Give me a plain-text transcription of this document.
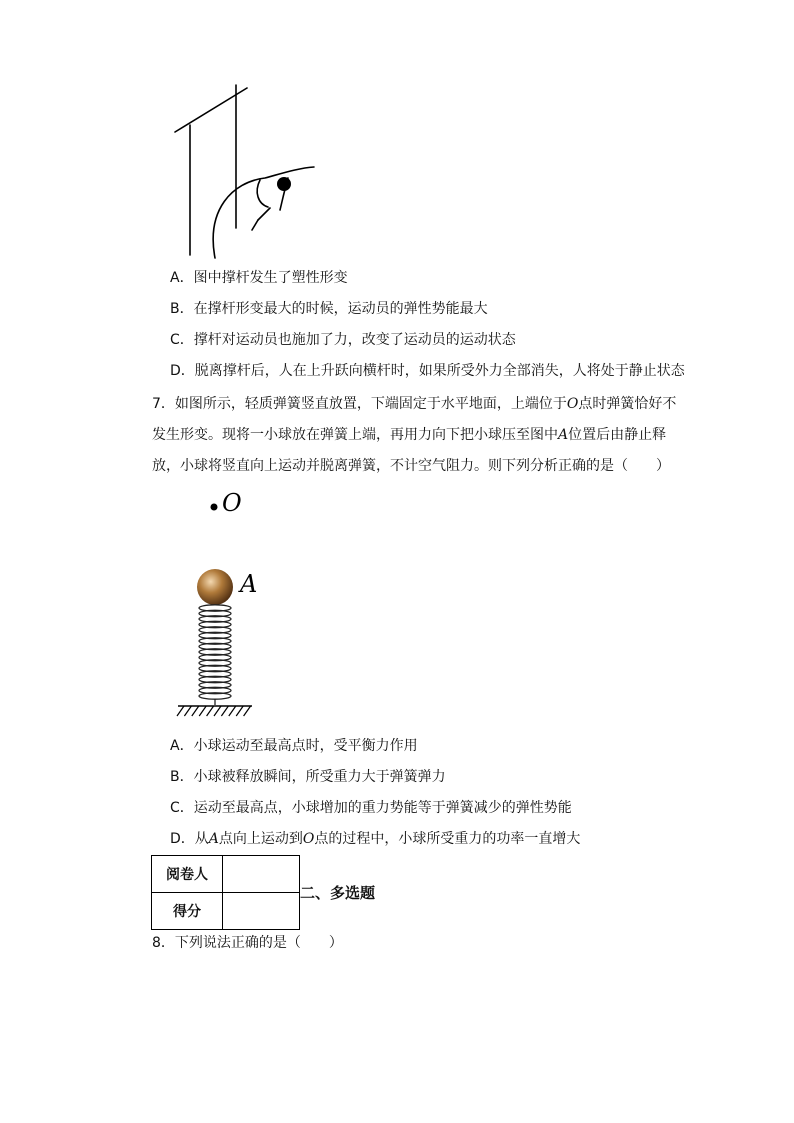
A．图中撑杆发生了塑性形变
B．在撑杆形变最大的时候，运动员的弹性势能最大
C．撑杆对运动员也施加了力，改变了运动员的运动状态
D．脱离撑杆后，人在上升跃向横杆时，如果所受外力全部消失，人将处于静止状态
7．如图所示，轻质弹簧竖直放置，下端固定于水平地面，上端位于O点时弹簧恰好不
发生形变。现将一小球放在弹簧上端，再用力向下把小球压至图中A位置后由静止释
放，小球将竖直向上运动并脱离弹簧，不计空气阻力。则下列分析正确的是（　　）
O
A
A．小球运动至最高点时，受平衡力作用
B．小球被释放瞬间，所受重力大于弹簧弹力
C．运动至最高点，小球增加的重力势能等于弹簧减少的弹性势能
D．从A点向上运动到O点的过程中，小球所受重力的功率一直增大
阅卷人	
得分	
二、多选题
8．下列说法正确的是（　　）
